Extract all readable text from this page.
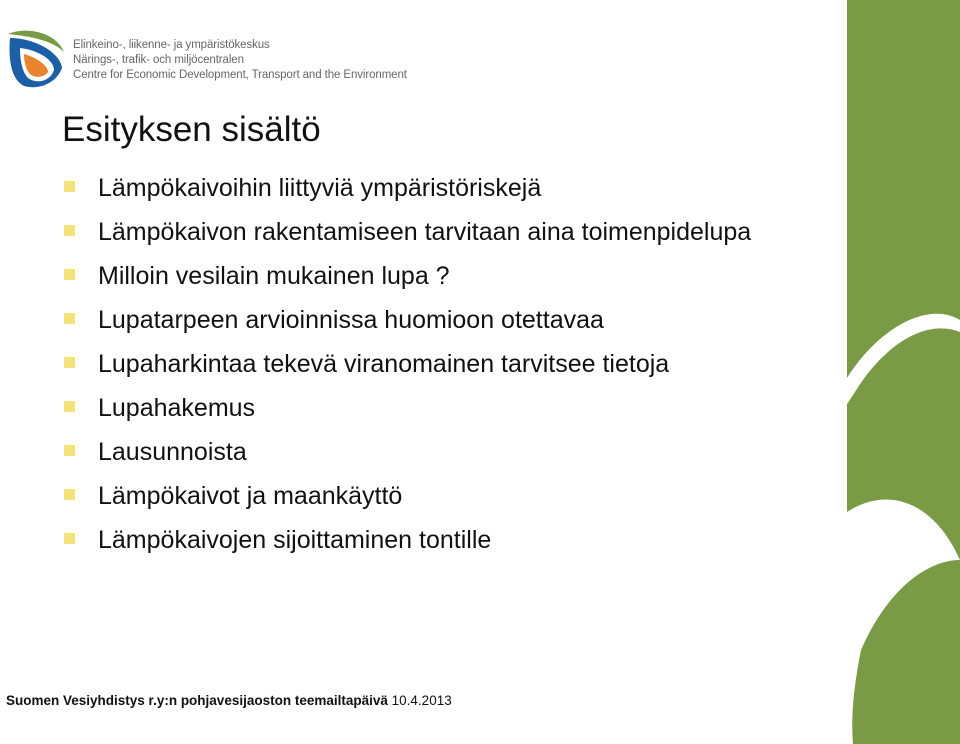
Elinkeino-, liikenne- ja ympäristökeskus
Närings-, trafik- och miljöcentralen
Centre for Economic Development, Transport and the Environment
Esityksen sisältö
Lämpökaivoihin liittyviä ympäristöriskejä
Lämpökaivon rakentamiseen tarvitaan aina toimenpidelupa
Milloin vesilain mukainen lupa ?
Lupatarpeen arvioinnissa huomioon otettavaa
Lupaharkintaa tekevä viranomainen tarvitsee tietoja
Lupahakemus
Lausunnoista
Lämpökaivot ja maankäyttö
Lämpökaivojen sijoittaminen tontille
Suomen Vesiyhdistys r.y:n pohjavesijaoston teemailtapäivä 10.4.2013
